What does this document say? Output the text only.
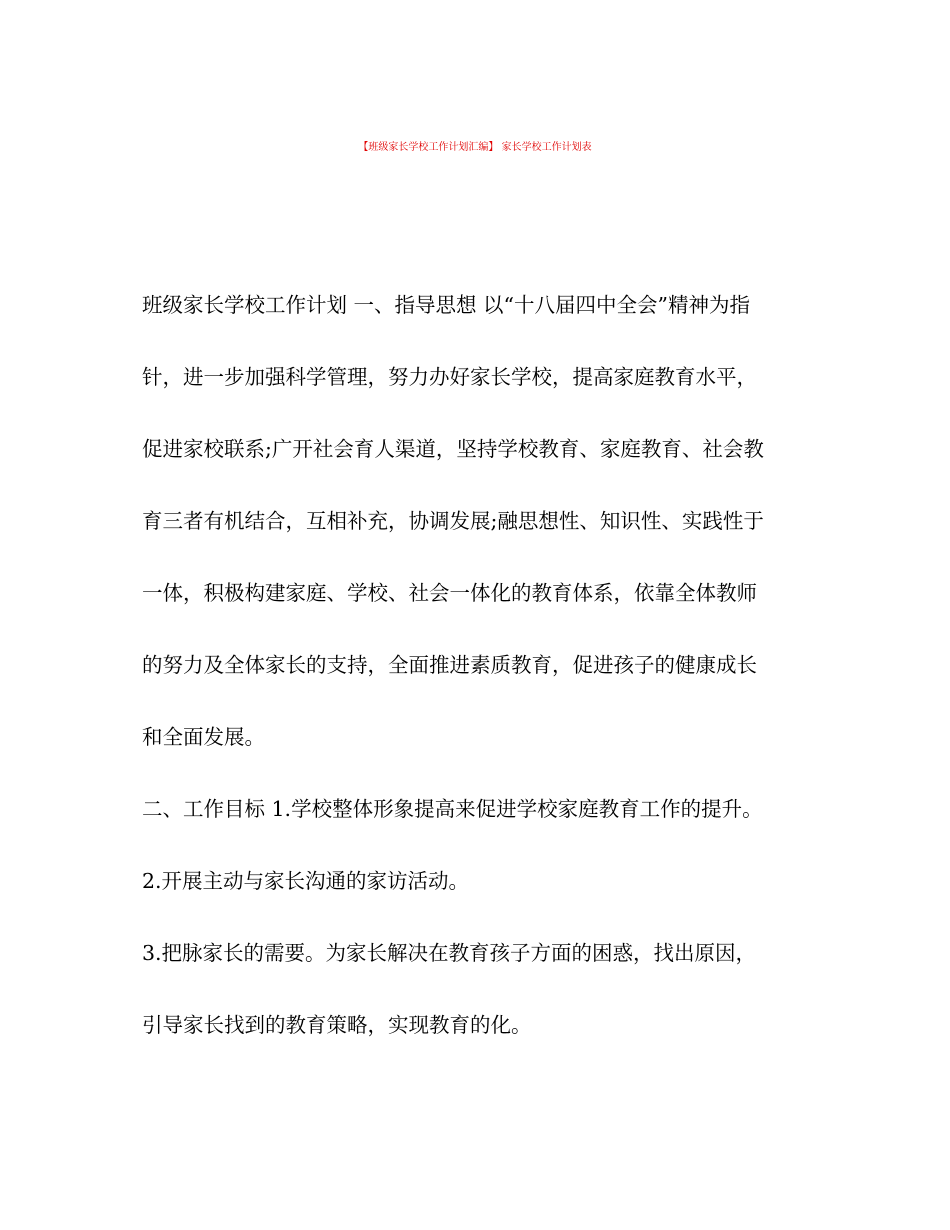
【班级家长学校工作计划汇编】 家长学校工作计划表
班级家长学校工作计划 一、指导思想 以“十八届四中全会”精神为指
针，进一步加强科学管理，努力办好家长学校，提高家庭教育水平，
促进家校联系;广开社会育人渠道，坚持学校教育、家庭教育、社会教
育三者有机结合，互相补充，协调发展;融思想性、知识性、实践性于
一体，积极构建家庭、学校、社会一体化的教育体系，依靠全体教师
的努力及全体家长的支持，全面推进素质教育，促进孩子的健康成长
和全面发展。
二、工作目标 1.学校整体形象提高来促进学校家庭教育工作的提升。
2.开展主动与家长沟通的家访活动。
3.把脉家长的需要。为家长解决在教育孩子方面的困惑，找出原因，
引导家长找到的教育策略，实现教育的化。
